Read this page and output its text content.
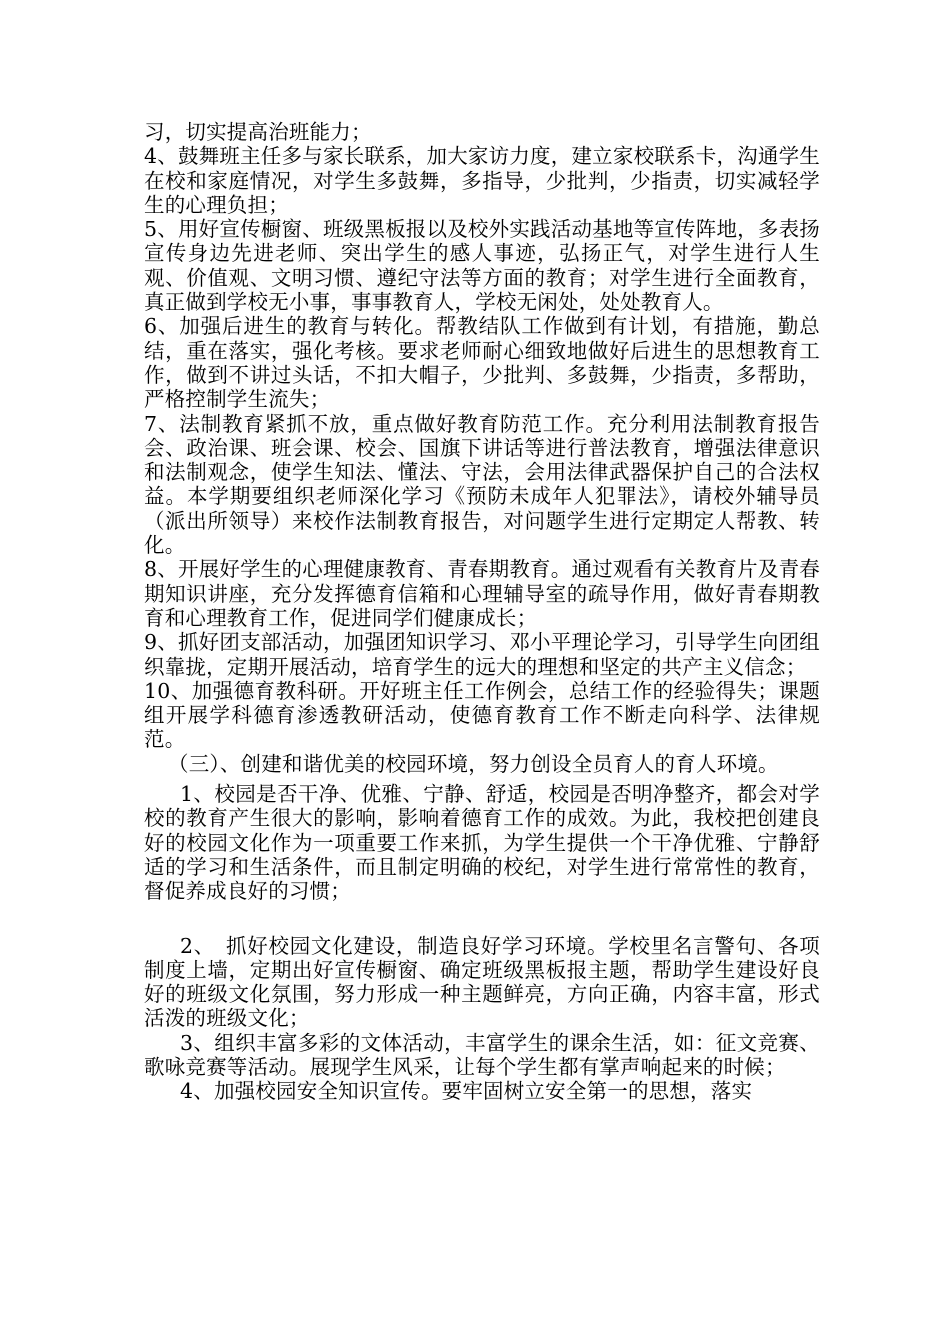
习，切实提高治班能力；

4、鼓舞班主任多与家长联系，加大家访力度，建立家校联系卡，沟通学生在校和家庭情况，对学生多鼓舞，多指导，少批判，少指责，切实减轻学生的心理负担；

5、用好宣传橱窗、班级黑板报以及校外实践活动基地等宣传阵地，多表扬宣传身边先进老师、突出学生的感人事迹，弘扬正气，对学生进行人生观、价值观、文明习惯、遵纪守法等方面的教育；对学生进行全面教育，真正做到学校无小事，事事教育人，学校无闲处，处处教育人。

6、加强后进生的教育与转化。帮教结队工作做到有计划，有措施，勤总结，重在落实，强化考核。要求老师耐心细致地做好后进生的思想教育工作，做到不讲过头话，不扣大帽子，少批判、多鼓舞，少指责，多帮助，严格控制学生流失；

7、法制教育紧抓不放，重点做好教育防范工作。充分利用法制教育报告会、政治课、班会课、校会、国旗下讲话等进行普法教育，增强法律意识和法制观念，使学生知法、懂法、守法，会用法律武器保护自己的合法权益。本学期要组织老师深化学习《预防未成年人犯罪法》，请校外辅导员（派出所领导）来校作法制教育报告，对问题学生进行定期定人帮教、转化。

8、开展好学生的心理健康教育、青春期教育。通过观看有关教育片及青春期知识讲座，充分发挥德育信箱和心理辅导室的疏导作用，做好青春期教育和心理教育工作，促进同学们健康成长；

9、抓好团支部活动，加强团知识学习、邓小平理论学习，引导学生向团组织靠拢，定期开展活动，培育学生的远大的理想和坚定的共产主义信念；

10、加强德育教科研。开好班主任工作例会，总结工作的经验得失；课题组开展学科德育渗透教研活动，使德育教育工作不断走向科学、法律规范。

（三）、创建和谐优美的校园环境，努力创设全员育人的育人环境。

1、校园是否干净、优雅、宁静、舒适，校园是否明净整齐，都会对学校的教育产生很大的影响，影响着德育工作的成效。为此，我校把创建良好的校园文化作为一项重要工作来抓，为学生提供一个干净优雅、宁静舒适的学习和生活条件，而且制定明确的校纪，对学生进行常常性的教育，督促养成良好的习惯；

2、　抓好校园文化建设，制造良好学习环境。学校里名言警句、各项制度上墙，定期出好宣传橱窗、确定班级黑板报主题，帮助学生建设好良好的班级文化氛围，努力形成一种主题鲜亮，方向正确，内容丰富，形式活泼的班级文化；

3、组织丰富多彩的文体活动，丰富学生的课余生活，如：征文竞赛、歌咏竞赛等活动。展现学生风采，让每个学生都有掌声响起来的时候；

4、加强校园安全知识宣传。要牢固树立安全第一的思想，落实
